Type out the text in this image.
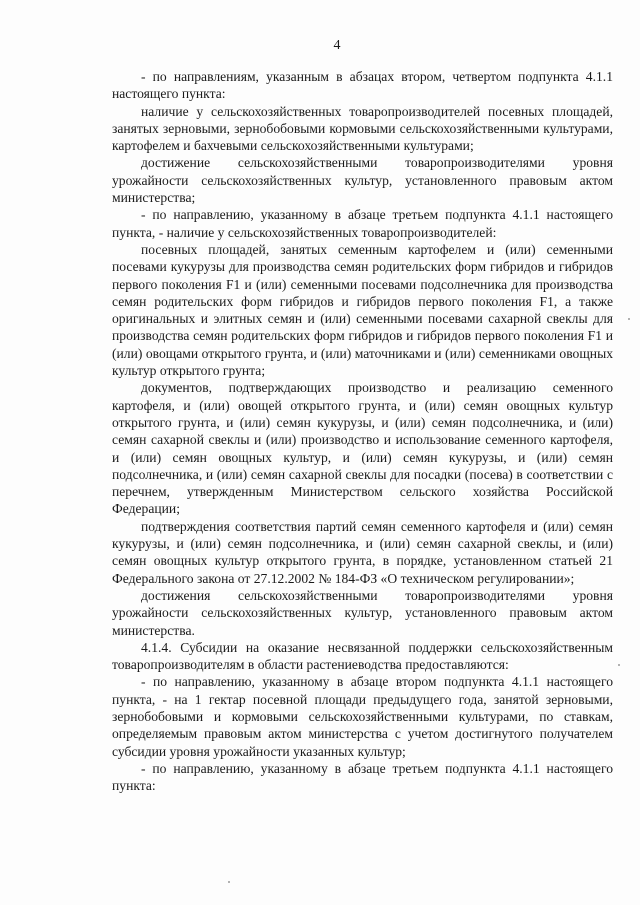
4

- по направлениям, указанным в абзацах втором, четвертом подпункта 4.1.1 настоящего пункта:

наличие у сельскохозяйственных товаропроизводителей посевных площадей, занятых зерновыми, зернобобовыми кормовыми сельскохозяйственными культурами, картофелем и бахчевыми сельскохозяйственными культурами;

достижение сельскохозяйственными товаропроизводителями уровня урожайности сельскохозяйственных культур, установленного правовым актом министерства;

- по направлению, указанному в абзаце третьем подпункта 4.1.1 настоящего пункта, - наличие у сельскохозяйственных товаропроизводителей:

посевных площадей, занятых семенным картофелем и (или) семенными посевами кукурузы для производства семян родительских форм гибридов и гибридов первого поколения F1 и (или) семенными посевами подсолнечника для производства семян родительских форм гибридов и гибридов первого поколения F1, а также оригинальных и элитных семян и (или) семенными посевами сахарной свеклы для производства семян родительских форм гибридов и гибридов первого поколения F1 и (или) овощами открытого грунта, и (или) маточниками и (или) семенниками овощных культур открытого грунта;

документов, подтверждающих производство и реализацию семенного картофеля, и (или) овощей открытого грунта, и (или) семян овощных культур открытого грунта, и (или) семян кукурузы, и (или) семян подсолнечника, и (или) семян сахарной свеклы и (или) производство и использование семенного картофеля, и (или) семян овощных культур, и (или) семян кукурузы, и (или) семян подсолнечника, и (или) семян сахарной свеклы для посадки (посева) в соответствии с перечнем, утвержденным Министерством сельского хозяйства Российской Федерации;

подтверждения соответствия партий семян семенного картофеля и (или) семян кукурузы, и (или) семян подсолнечника, и (или) семян сахарной свеклы, и (или) семян овощных культур открытого грунта, в порядке, установленном статьей 21 Федерального закона от 27.12.2002 № 184-ФЗ «О техническом регулировании»;

достижения сельскохозяйственными товаропроизводителями уровня урожайности сельскохозяйственных культур, установленного правовым актом министерства.

4.1.4. Субсидии на оказание несвязанной поддержки сельскохозяйственным товаропроизводителям в области растениеводства предоставляются:

- по направлению, указанному в абзаце втором подпункта 4.1.1 настоящего пункта, - на 1 гектар посевной площади предыдущего года, занятой зерновыми, зернобобовыми и кормовыми сельскохозяйственными культурами, по ставкам, определяемым правовым актом министерства с учетом достигнутого получателем субсидии уровня урожайности указанных культур;

- по направлению, указанному в абзаце третьем подпункта 4.1.1 настоящего пункта:
